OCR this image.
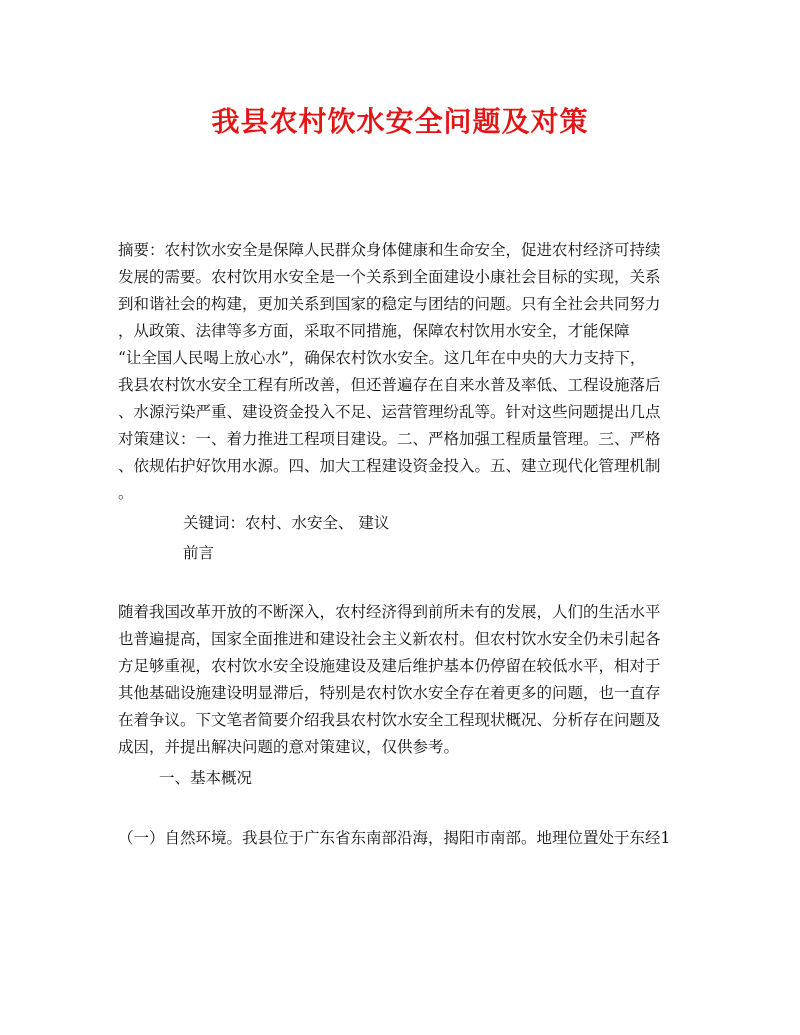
我县农村饮水安全问题及对策
摘要：农村饮水安全是保障人民群众身体健康和生命安全，促进农村经济可持续
发展的需要。农村饮用水安全是一个关系到全面建设小康社会目标的实现，关系
到和谐社会的构建，更加关系到国家的稳定与团结的问题。只有全社会共同努力
，从政策、法律等多方面，采取不同措施，保障农村饮用水安全，才能保障
“让全国人民喝上放心水”，确保农村饮水安全。这几年在中央的大力支持下，
我县农村饮水安全工程有所改善，但还普遍存在自来水普及率低、工程设施落后
、水源污染严重、建设资金投入不足、运营管理纷乱等。针对这些问题提出几点
对策建议：一、着力推进工程项目建设。二、严格加强工程质量管理。三、严格
、依规佑护好饮用水源。四、加大工程建设资金投入。五、建立现代化管理机制
。
关键词：农村、水安全、 建议
前言
随着我国改革开放的不断深入，农村经济得到前所未有的发展，人们的生活水平
也普遍提高，国家全面推进和建设社会主义新农村。但农村饮水安全仍未引起各
方足够重视，农村饮水安全设施建设及建后维护基本仍停留在较低水平，相对于
其他基础设施建设明显滞后，特别是农村饮水安全存在着更多的问题，也一直存
在着争议。下文笔者简要介绍我县农村饮水安全工程现状概况、分析存在问题及
成因，并提出解决问题的意对策建议，仅供参考。
一、基本概况
（一）自然环境。我县位于广东省东南部沿海，揭阳市南部。地理位置处于东经1
